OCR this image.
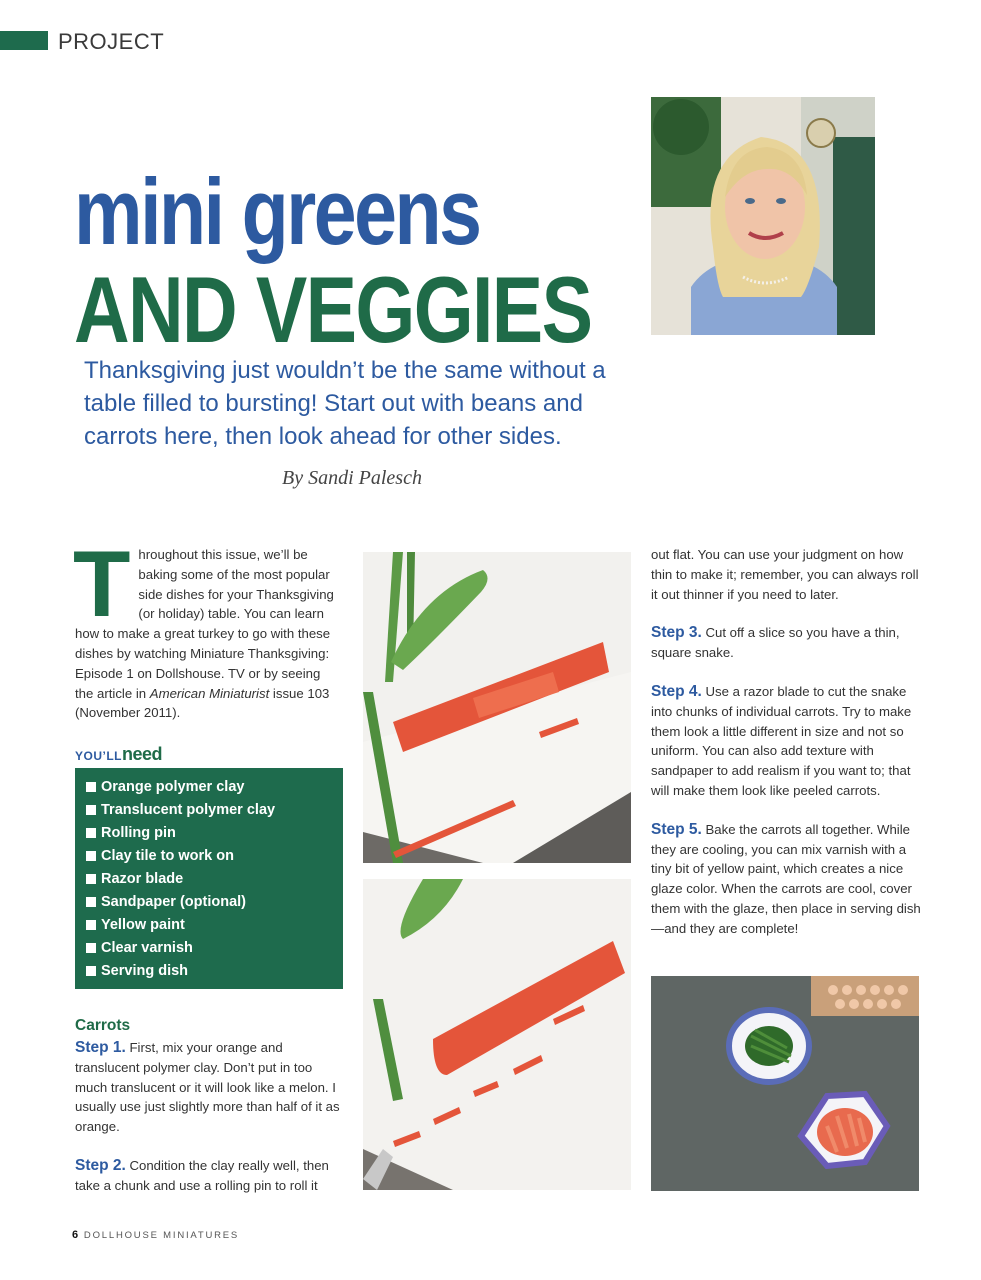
PROJECT
mini greens
AND VEGGIES
Thanksgiving just wouldn’t be the same without a table filled to bursting! Start out with beans and carrots here, then look ahead for other sides.
By Sandi Palesch
Throughout this issue, we’ll be baking some of the most popular side dishes for your Thanksgiving (or holiday) table. You can learn how to make a great turkey to go with these dishes by watching Miniature Thanksgiving: Episode 1 on Dollshouse. TV or by seeing the article in American Miniaturist issue 103 (November 2011).
YOU’LLneed
Orange polymer clay
Translucent polymer clay
Rolling pin
Clay tile to work on
Razor blade
Sandpaper (optional)
Yellow paint
Clear varnish
Serving dish
Carrots

Step 1. First, mix your orange and translucent polymer clay. Don’t put in too much translucent or it will look like a melon. I usually use just slightly more than half of it as orange.

Step 2. Condition the clay really well, then take a chunk and use a rolling pin to roll it

out flat. You can use your judgment on how thin to make it; remember, you can always roll it out thinner if you need to later.

Step 3. Cut off a slice so you have a thin, square snake.

Step 4. Use a razor blade to cut the snake into chunks of individual carrots. Try to make them look a little different in size and not so uniform. You can also add texture with sandpaper to add realism if you want to; that will make them look like peeled carrots.

Step 5. Bake the carrots all together. While they are cooling, you can mix varnish with a tiny bit of yellow paint, which creates a nice glaze color. When the carrots are cool, cover them with the glaze, then place in serving dish—and they are complete!

6 DOLLHOUSE MINIATURES
